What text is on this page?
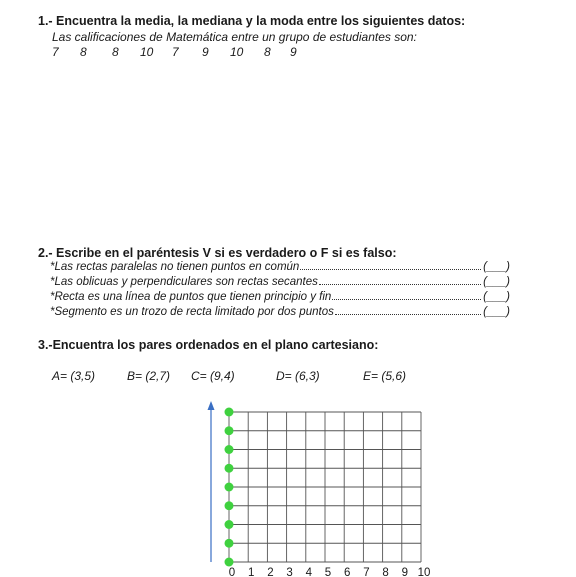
1.- Encuentra la media, la mediana y la moda entre los siguientes datos:
Las calificaciones de Matemática entre un grupo de estudiantes son:
7 8 8 10 7 9 10 8 9
2.- Escribe en el paréntesis V si es verdadero o F si es falso:
*Las rectas paralelas no tienen puntos en común	(___)
*Las oblicuas y perpendiculares son rectas secantes	(___)
*Recta es una línea de puntos que tienen principio y fin	(___)
*Segmento es un trozo de recta limitado por dos puntos	(___)
3.-Encuentra los pares ordenados en el plano cartesiano:
A= (3,5)	B= (2,7) C= (9,4)	D= (6,3)	E= (5,6)
0 1 2 3 4 5 6 7 8 9 10
